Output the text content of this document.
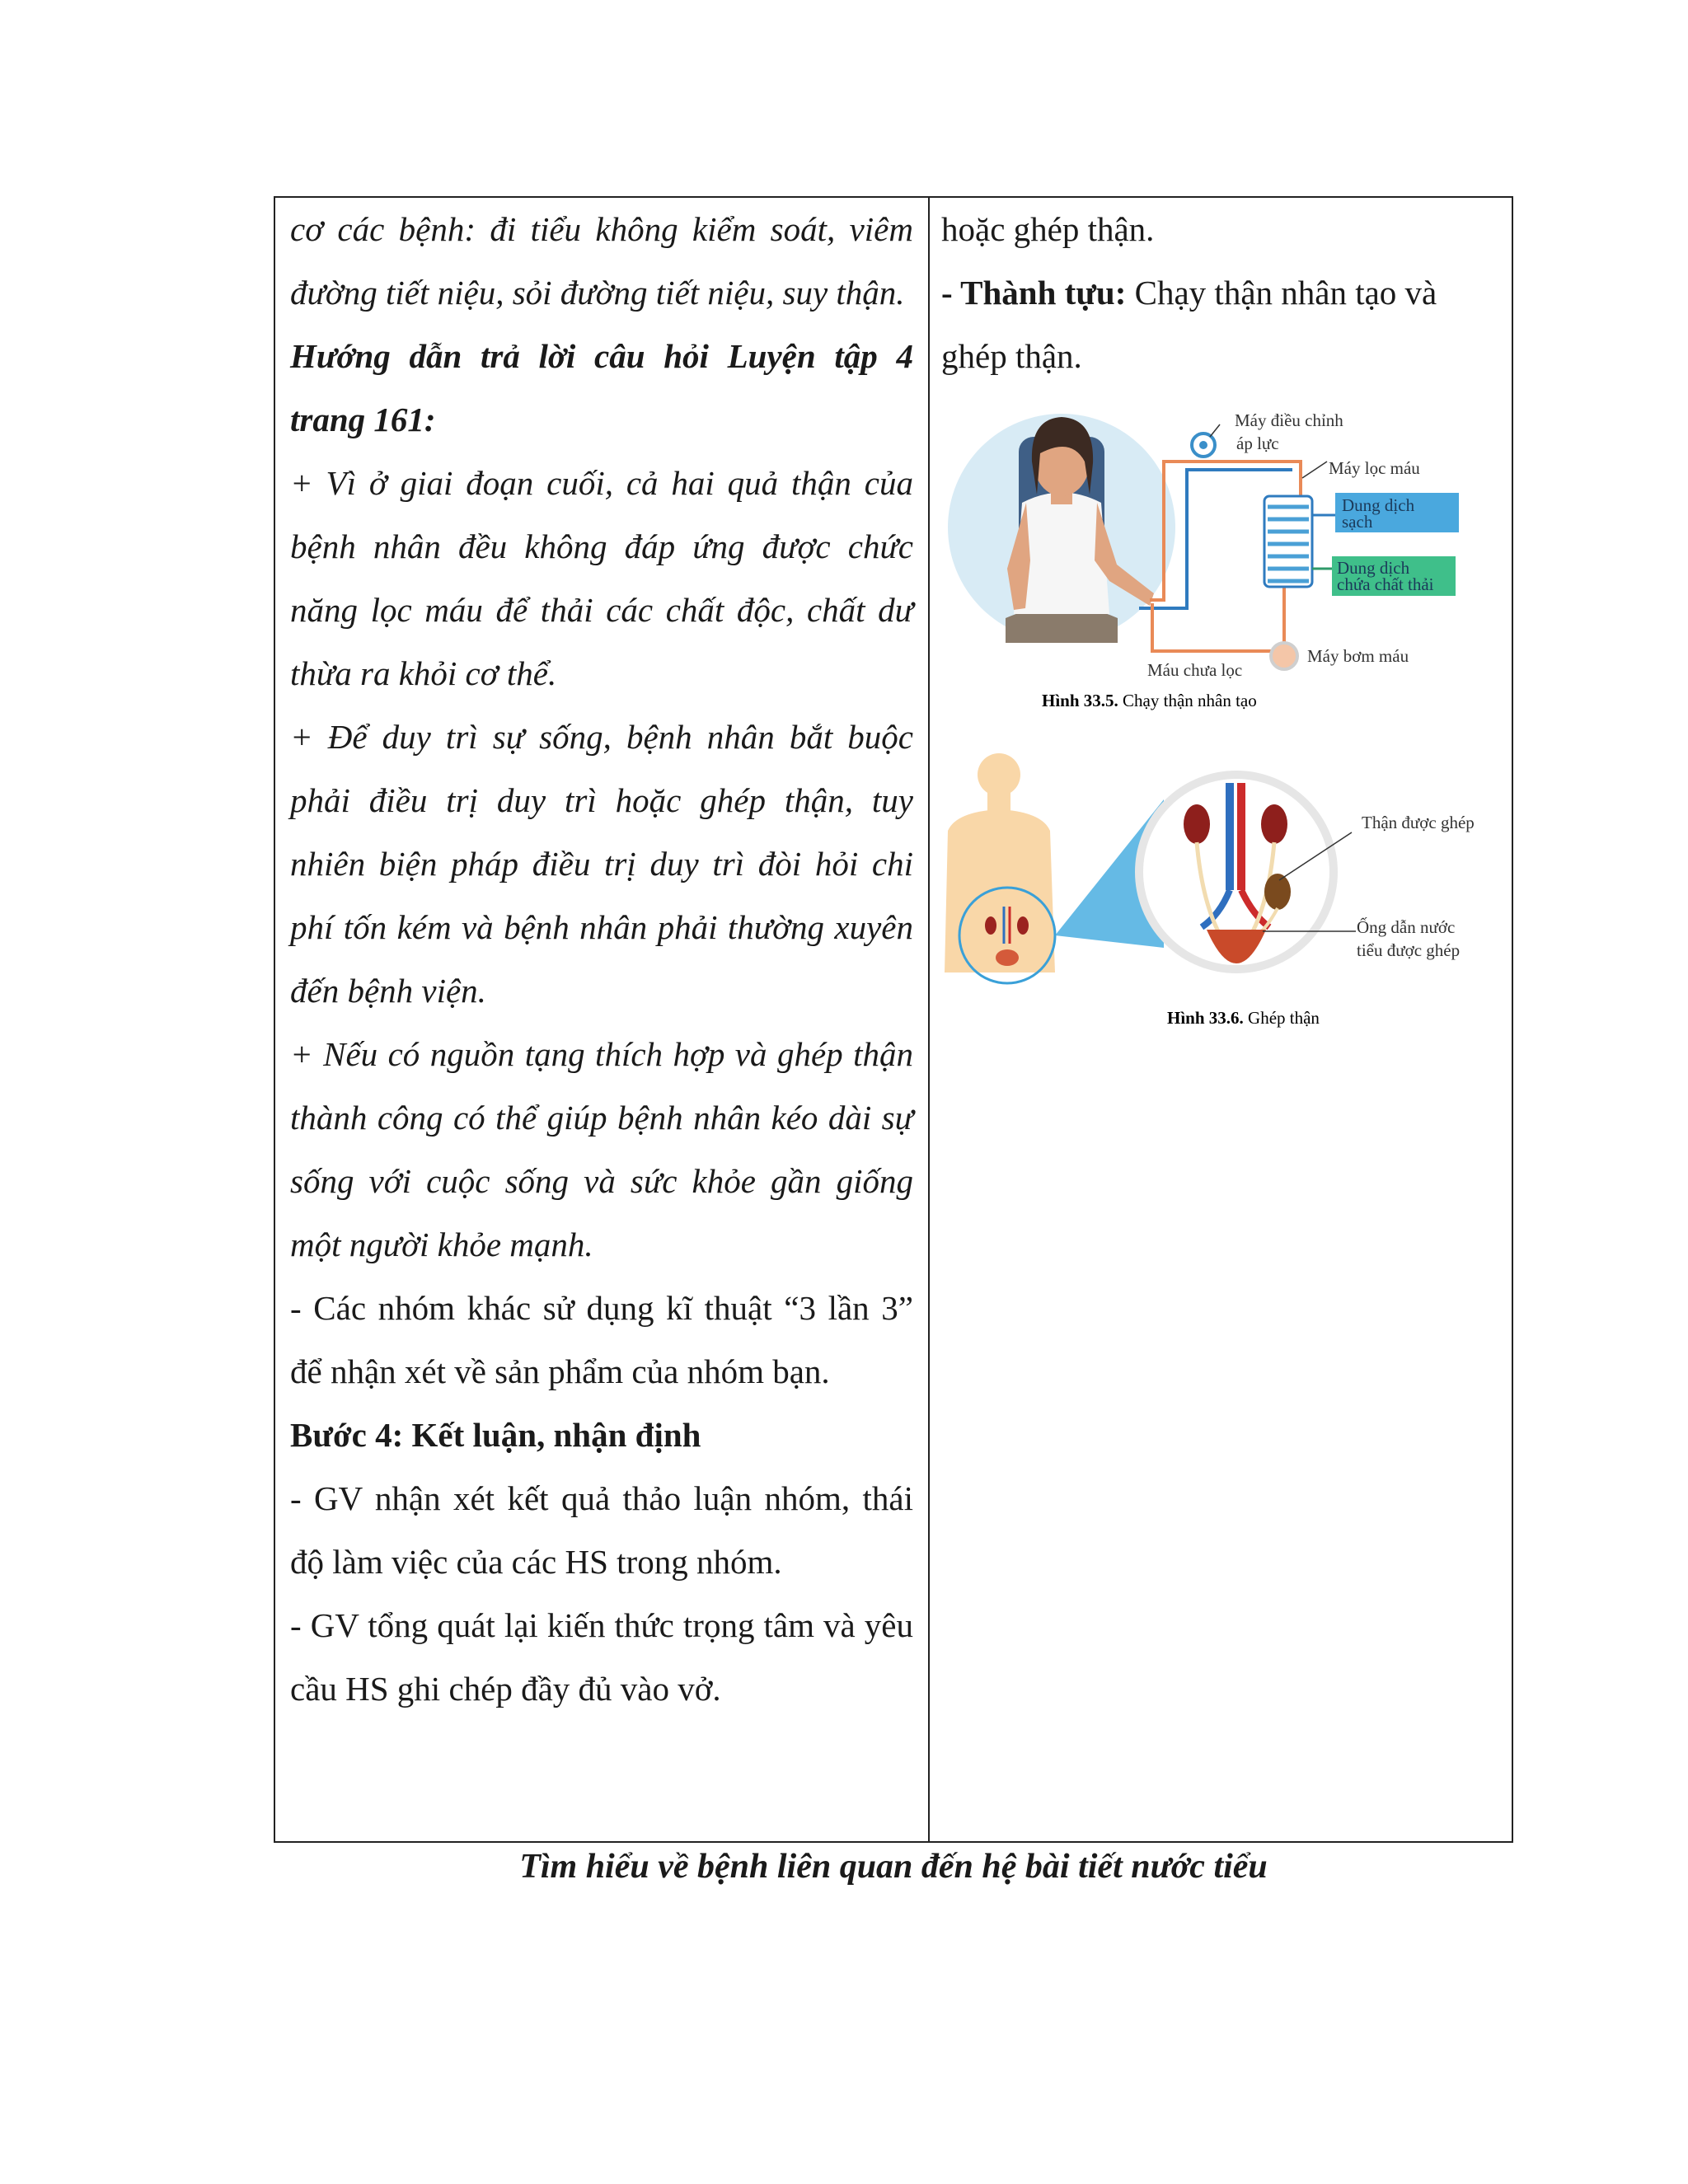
cơ các bệnh: đi tiểu không kiểm soát, viêm đường tiết niệu, sỏi đường tiết niệu, suy thận.

Hướng dẫn trả lời câu hỏi Luyện tập 4 trang 161:

+ Vì ở giai đoạn cuối, cả hai quả thận của bệnh nhân đều không đáp ứng được chức năng lọc máu để thải các chất độc, chất dư thừa ra khỏi cơ thể.

+ Để duy trì sự sống, bệnh nhân bắt buộc phải điều trị duy trì hoặc ghép thận, tuy nhiên biện pháp điều trị duy trì đòi hỏi chi phí tốn kém và bệnh nhân phải thường xuyên đến bệnh viện.

+ Nếu có nguồn tạng thích hợp và ghép thận thành công có thể giúp bệnh nhân kéo dài sự sống với cuộc sống và sức khỏe gần giống một người khỏe mạnh.

- Các nhóm khác sử dụng kĩ thuật “3 lần 3” để nhận xét về sản phẩm của nhóm bạn.

Bước 4: Kết luận, nhận định

- GV nhận xét kết quả thảo luận nhóm, thái độ làm việc của các HS trong nhóm.

- GV tổng quát lại kiến thức trọng tâm và yêu cầu HS ghi chép đầy đủ vào vở.

hoặc ghép thận.

- Thành tựu: Chạy thận nhân tạo và ghép thận.

Dung dịch
sạch
Dung dịch
chứa chất thải
Máy điều chỉnh
áp lực
Máy lọc máu
Máy bơm máu
Máu chưa lọc
Hình 33.5. Chạy thận nhân tạo
Thận được ghép
Ống dẫn nước
tiểu được ghép
Hình 33.6. Ghép thận
Tìm hiểu về bệnh liên quan đến hệ bài tiết nước tiểu
